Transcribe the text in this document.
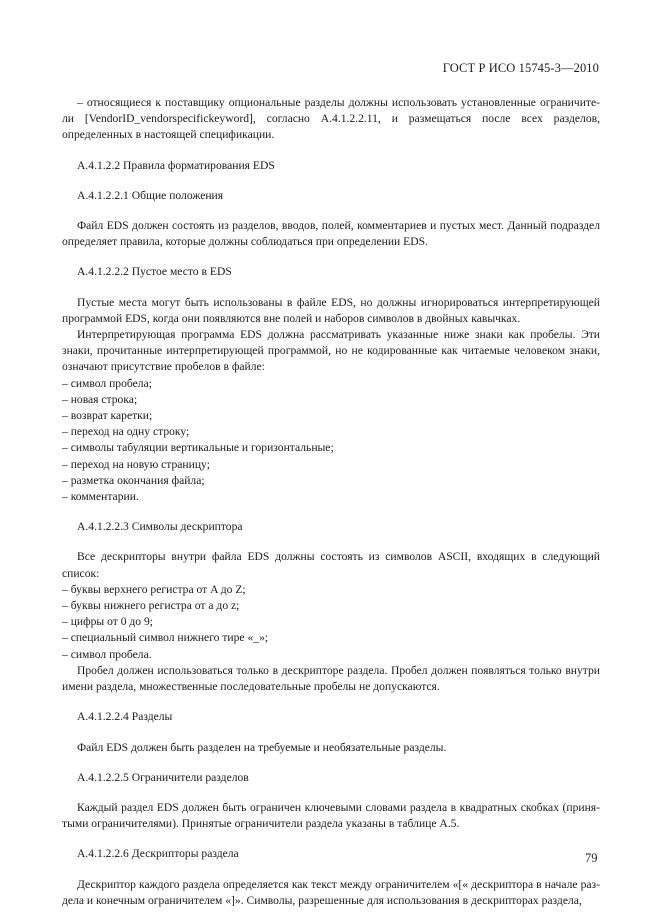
ГОСТ Р ИСО 15745-3—2010

– относящиеся к поставщику опциональные разделы должны использовать установленные ограничите-ли [VendorID_vendorspecifickeyword], согласно А.4.1.2.2.11, и размещаться после всех разделов, определенных в настоящей спецификации.

А.4.1.2.2 Правила форматирования EDS

А.4.1.2.2.1 Общие положения

Файл EDS должен состоять из разделов, вводов, полей, комментариев и пустых мест. Данный подраздел определяет правила, которые должны соблюдаться при определении EDS.

А.4.1.2.2.2 Пустое место в EDS

Пустые места могут быть использованы в файле EDS, но должны игнорироваться интерпретирующей программой EDS, когда они появляются вне полей и наборов символов в двойных кавычках.

Интерпретирующая программа EDS должна рассматривать указанные ниже знаки как пробелы. Эти знаки, прочитанные интерпретирующей программой, но не кодированные как читаемые человеком знаки, означают присутствие пробелов в файле:

– символ пробела;
– новая строка;
– возврат каретки;
– переход на одну строку;
– символы табуляции вертикальные и горизонтальные;
– переход на новую страницу;
– разметка окончания файла;
– комментарии.

А.4.1.2.2.3 Символы дескриптора

Все дескрипторы внутри файла EDS должны состоять из символов ASCII, входящих в следующий список:

– буквы верхнего регистра от A до Z;
– буквы нижнего регистра от a до z;
– цифры от 0 до 9;
– специальный символ нижнего тире «_»;
– символ пробела.

Пробел должен использоваться только в дескрипторе раздела. Пробел должен появляться только внутри имени раздела, множественные последовательные пробелы не допускаются.

А.4.1.2.2.4 Разделы

Файл EDS должен быть разделен на требуемые и необязательные разделы.

А.4.1.2.2.5 Ограничители разделов

Каждый раздел EDS должен быть ограничен ключевыми словами раздела в квадратных скобках (приня-тыми ограничителями). Принятые ограничители раздела указаны в таблице А.5.

А.4.1.2.2.6 Дескрипторы раздела

Дескриптор каждого раздела определяется как текст между ограничителем «[« дескриптора в начале раз-дела и конечным ограничителем «]». Символы, разрешенные для использования в дескрипторах раздела,

79
